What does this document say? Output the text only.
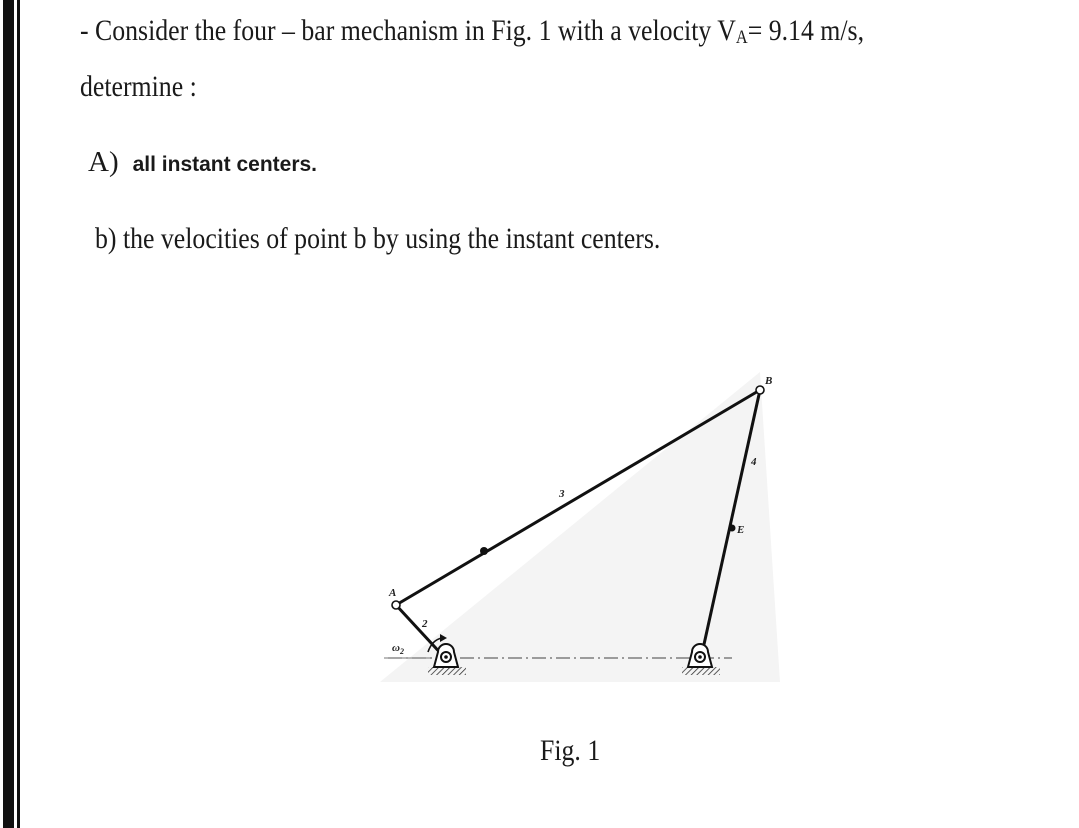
- Consider the four – bar mechanism in Fig. 1 with a velocity VA= 9.14 m/s,
determine :
A) all instant centers.
b) the velocities of point b by using the instant centers.
A
B
E
2
3
4
$\omega_2$
Fig. 1
